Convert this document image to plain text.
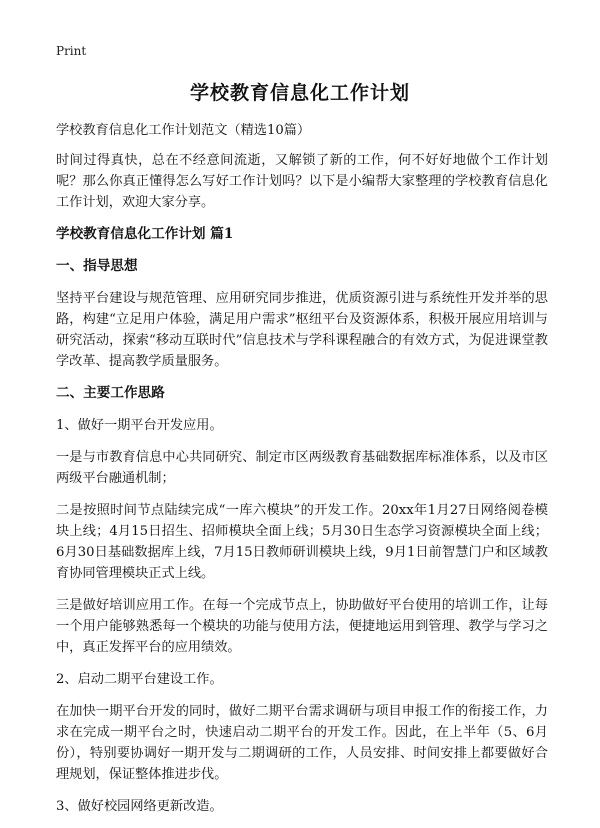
Print
学校教育信息化工作计划

学校教育信息化工作计划范文（精选10篇）

时间过得真快，总在不经意间流逝，又解锁了新的工作，何不好好地做个工作计划呢？那么你真正懂得怎么写好工作计划吗？以下是小编帮大家整理的学校教育信息化工作计划，欢迎大家分享。

学校教育信息化工作计划 篇1

一、指导思想

坚持平台建设与规范管理、应用研究同步推进，优质资源引进与系统性开发并举的思路，构建“立足用户体验，满足用户需求”枢纽平台及资源体系，积极开展应用培训与研究活动，探索“移动互联时代”信息技术与学科课程融合的有效方式，为促进课堂教学改革、提高教学质量服务。

二、主要工作思路

1、做好一期平台开发应用。

一是与市教育信息中心共同研究、制定市区两级教育基础数据库标准体系，以及市区两级平台融通机制；

二是按照时间节点陆续完成“一库六模块”的开发工作。20xx年1月27日网络阅卷模块上线；4月15日招生、招师模块全面上线；5月30日生态学习资源模块全面上线；6月30日基础数据库上线，7月15日教师研训模块上线，9月1日前智慧门户和区域教育协同管理模块正式上线。

三是做好培训应用工作。在每一个完成节点上，协助做好平台使用的培训工作，让每一个用户能够熟悉每一个模块的功能与使用方法，便捷地运用到管理、教学与学习之中，真正发挥平台的应用绩效。

2、启动二期平台建设工作。

在加快一期平台开发的同时，做好二期平台需求调研与项目申报工作的衔接工作，力求在完成一期平台之时，快速启动二期平台的开发工作。因此，在上半年（5、6月份），特别要协调好一期开发与二期调研的工作，人员安排、时间安排上都要做好合理规划，保证整体推进步伐。

3、做好校园网络更新改造。
